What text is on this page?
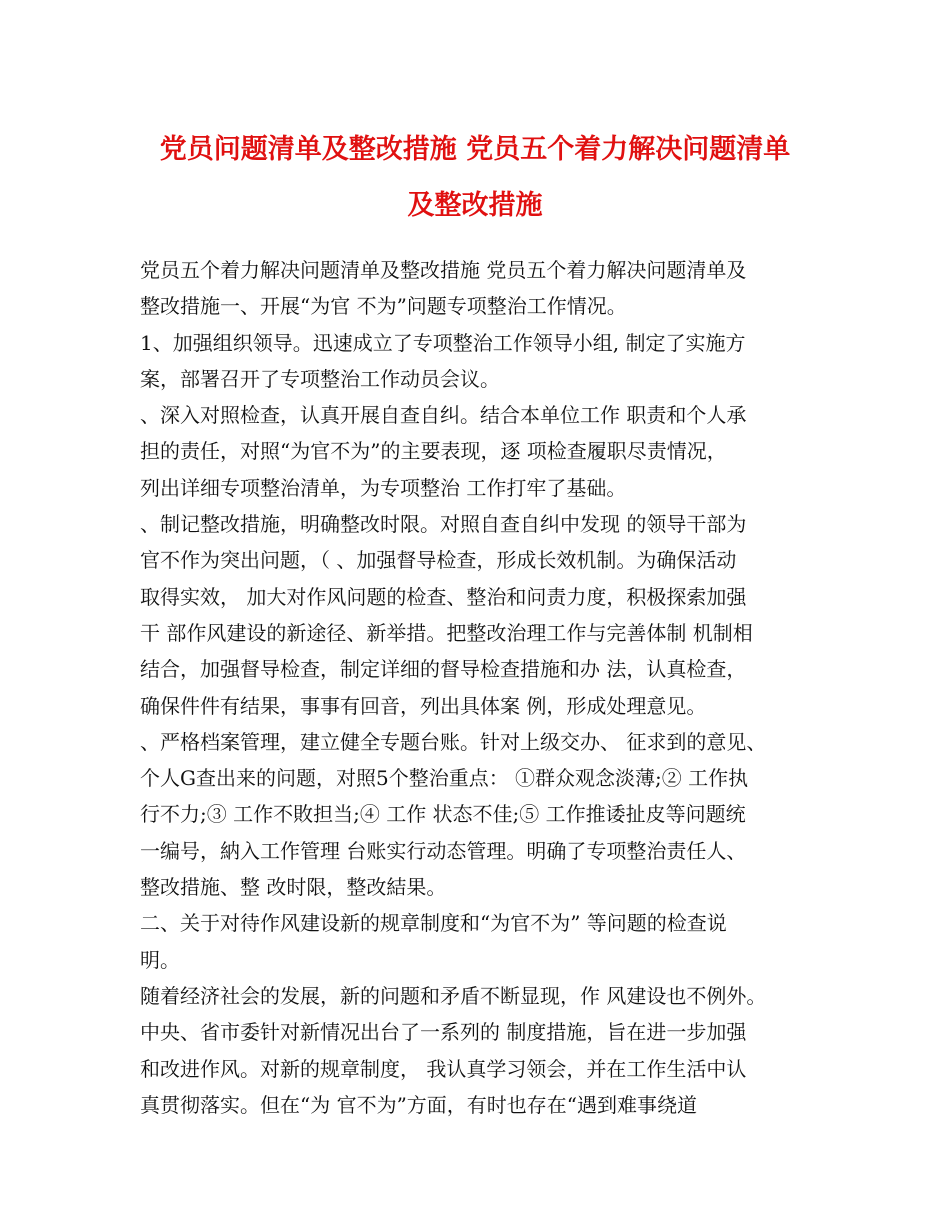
党员问题清单及整改措施 党员五个着力解决问题清单
及整改措施
党员五个着力解决问题清单及整改措施 党员五个着力解决问题清单及
整改措施一、开展“为官 不为”问题专项整治工作情况。
1、加强组织领导。迅速成立了专项整治工作领导小组, 制定了实施方
案，部署召开了专项整治工作动员会议。
、深入对照检查，认真开展自查自纠。结合本单位工作 职责和个人承
担的责任，对照“为官不为”的主要表现，逐 项检查履职尽责情况，
列出详细专项整治清单，为专项整治 工作打牢了基础。
、制记整改措施，明确整改时限。对照自查自纠中发现 的领导干部为
官不作为突出问题，（ 、加强督导检查，形成长效机制。为确保活动
取得实效， 加大对作风问题的检查、整治和问责力度，积极探索加强
干 部作风建设的新途径、新举措。把整改治理工作与完善体制 机制相
结合，加强督导检查，制定详细的督导检查措施和办 法，认真检查，
确保件件有结果，事事有回音，列出具体案 例，形成处理意见。
、严格档案管理，建立健全专题台账。针对上级交办、 征求到的意见、
个人G查出来的问题，对照5个整治重点： ①群众观念淡薄;② 工作执
行不力;③ 工作不敗担当;④ 工作 状态不佳;⑤ 工作推诿扯皮等问题统
一编号，納入工作管理 台账实行动态管理。明确了专项整治责任人、
整改措施、整 改时限，整改結果。
二、关于对待作风建设新的规章制度和“为官不为” 等问题的检查说
明。
随着经济社会的发展，新的问题和矛盾不断显现，作 风建设也不例外。
中央、省市委针对新情况出台了一系列的 制度措施，旨在进一步加强
和改进作风。对新的规章制度， 我认真学习领会，并在工作生活中认
真贯彻落实。但在“为 官不为”方面，有时也存在“遇到难事绕道
